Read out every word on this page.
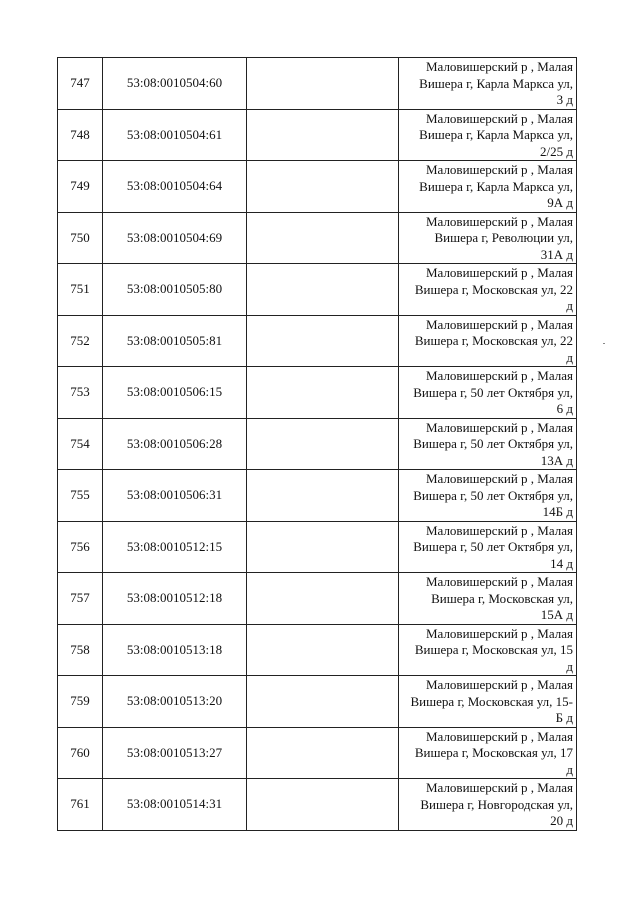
747	53:08:0010504:60		Маловишерский р , Малая
Вишера г, Карла Маркса ул,
3 д
748	53:08:0010504:61		Маловишерский р , Малая
Вишера г, Карла Маркса ул,
2/25 д
749	53:08:0010504:64		Маловишерский р , Малая
Вишера г, Карла Маркса ул,
9А д
750	53:08:0010504:69		Маловишерский р , Малая
Вишера г, Революции ул,
31А д
751	53:08:0010505:80		Маловишерский р , Малая
Вишера г, Московская ул, 22
д
752	53:08:0010505:81		Маловишерский р , Малая
Вишера г, Московская ул, 22
д
753	53:08:0010506:15		Маловишерский р , Малая
Вишера г, 50 лет Октября ул,
6 д
754	53:08:0010506:28		Маловишерский р , Малая
Вишера г, 50 лет Октября ул,
13А д
755	53:08:0010506:31		Маловишерский р , Малая
Вишера г, 50 лет Октября ул,
14Б д
756	53:08:0010512:15		Маловишерский р , Малая
Вишера г, 50 лет Октября ул,
14 д
757	53:08:0010512:18		Маловишерский р , Малая
Вишера г, Московская ул,
15А д
758	53:08:0010513:18		Маловишерский р , Малая
Вишера г, Московская ул, 15
д
759	53:08:0010513:20		Маловишерский р , Малая
Вишера г, Московская ул, 15-
Б д
760	53:08:0010513:27		Маловишерский р , Малая
Вишера г, Московская ул, 17
д
761	53:08:0010514:31		Маловишерский р , Малая
Вишера г, Новгородская ул,
20 д
